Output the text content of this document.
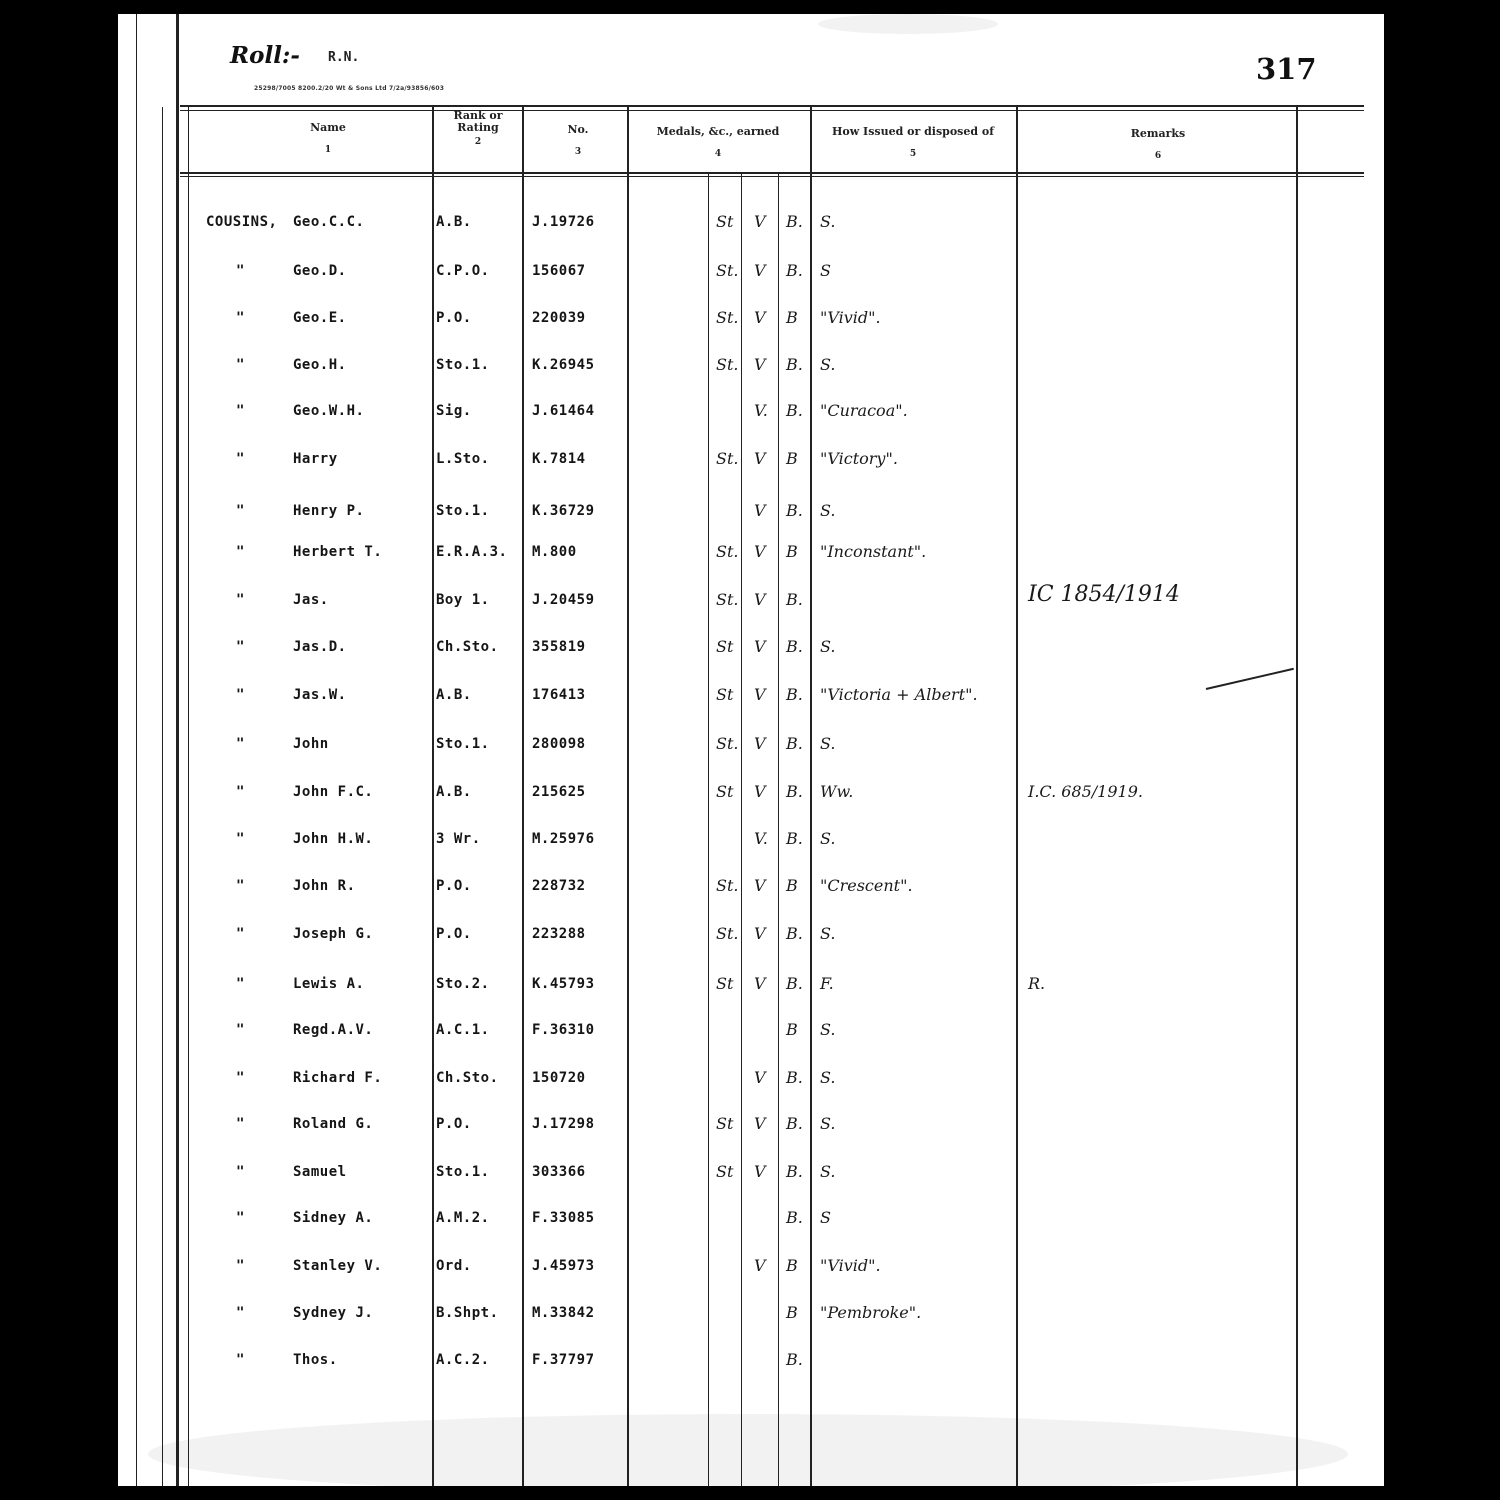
Roll:- R.N.
25298/7005 8200.2/20 Wt & Sons Ltd 7/2a/93856/603
317
Name
1
Rank or Rating
2
No.
3
Medals, &c., earned
4
How Issued or disposed of
5
Remarks
6
COUSINS, Geo.C.C.	A.B.	J.19726	St V B. S.
"	Geo.D.	C.P.O.	156067	St. V B. S
"	Geo.E.	P.O.	220039	St. V B "Vivid".
"	Geo.H.	Sto.1.	K.26945	St. V B. S.
"	Geo.W.H.	Sig.	J.61464	V. B. "Curacoa".
"	Harry	L.Sto.	K.7814	St. V B "Victory".
"	Henry P.	Sto.1.	K.36729	V B. S.
"	Herbert T.	E.R.A.3. M.800	St. V B "Inconstant".
"	Jas.	Boy 1.	J.20459	St. V B.	IC 1854/1914
"	Jas.D.	Ch.Sto. 355819	St V B. S.
"	Jas.W.	A.B.	176413	St V B. "Victoria + Albert".
"	John	Sto.1.	280098	St. V B. S.
"	John F.C.	A.B.	215625	St V B. Ww.	I.C. 685/1919.
"	John H.W.	3 Wr.	M.25976	V. B. S.
"	John R.	P.O.	228732	St. V B "Crescent".
"	Joseph G.	P.O.	223288	St. V B. S.
"	Lewis A.	Sto.2.	K.45793	St V B. F.	R.
"	Regd.A.V.	A.C.1.	F.36310	B S.
"	Richard F.	Ch.Sto. 150720	V B. S.
"	Roland G.	P.O.	J.17298	St V B. S.
"	Samuel	Sto.1.	303366	St V B. S.
"	Sidney A.	A.M.2.	F.33085	B. S
"	Stanley V.	Ord.	J.45973	V B "Vivid".
"	Sydney J.	B.Shpt. M.33842	B "Pembroke".
"	Thos.	A.C.2.	F.37797	B.
